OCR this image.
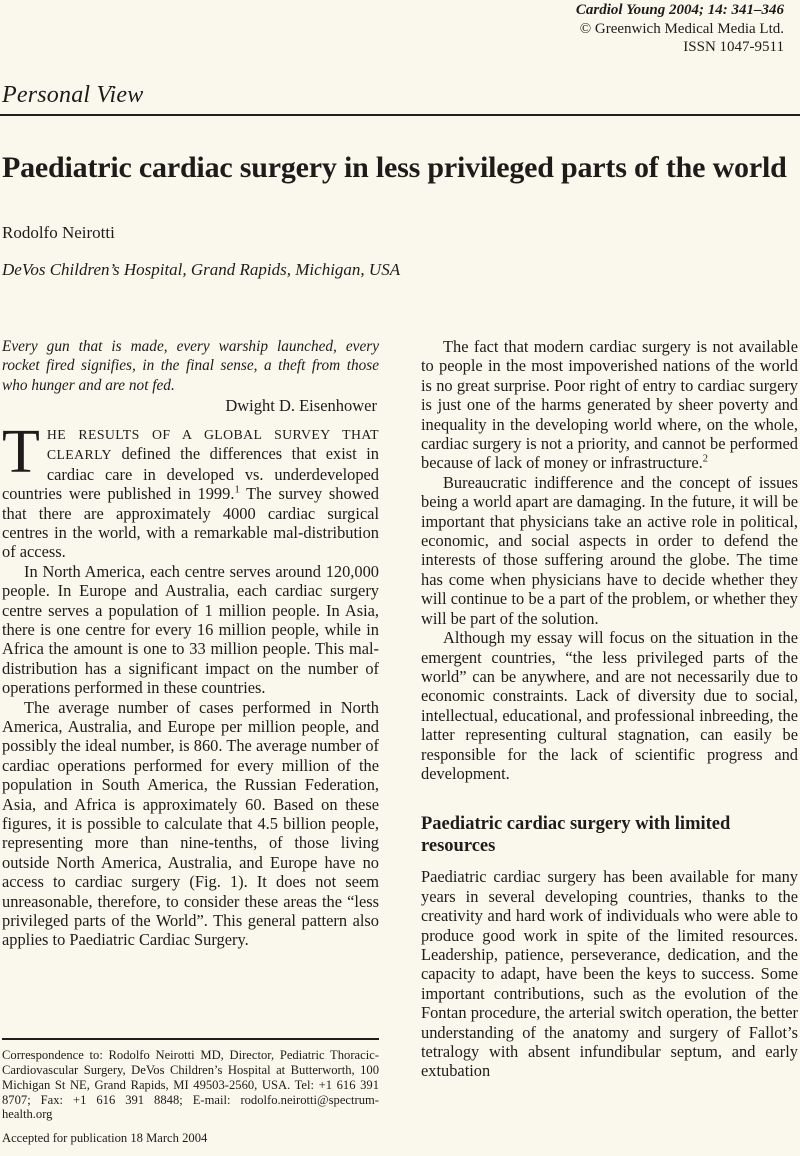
Cardiol Young 2004; 14: 341–346
© Greenwich Medical Media Ltd.
ISSN 1047-9511
Personal View
Paediatric cardiac surgery in less privileged parts of the world
Rodolfo Neirotti
DeVos Children’s Hospital, Grand Rapids, Michigan, USA

Every gun that is made, every warship launched, every rocket fired signifies, in the final sense, a theft from those who hunger and are not fed.

Dwight D. Eisenhower

THE RESULTS OF A GLOBAL SURVEY THAT CLEARLY defined the differences that exist in cardiac care in developed vs. underdeveloped countries were published in 1999.$^1$ The survey showed that there are approximately 4000 cardiac surgical centres in the world, with a remarkable mal-distribution of access.

In North America, each centre serves around 120,000 people. In Europe and Australia, each cardiac surgery centre serves a population of 1 million people. In Asia, there is one centre for every 16 million people, while in Africa the amount is one to 33 million people. This mal-distribution has a significant impact on the number of operations performed in these countries.

The average number of cases performed in North America, Australia, and Europe per million people, and possibly the ideal number, is 860. The average number of cardiac operations performed for every million of the population in South America, the Russian Federation, Asia, and Africa is approximately 60. Based on these figures, it is possible to calculate that 4.5 billion people, representing more than nine-tenths, of those living outside North America, Australia, and Europe have no access to cardiac surgery (Fig. 1). It does not seem unreasonable, therefore, to consider these areas the “less privileged parts of the World”. This general pattern also applies to Paediatric Cardiac Surgery.

Correspondence to: Rodolfo Neirotti MD, Director, Pediatric Thoracic-Cardiovascular Surgery, DeVos Children’s Hospital at Butterworth, 100 Michigan St NE, Grand Rapids, MI 49503-2560, USA. Tel: +1 616 391 8707; Fax: +1 616 391 8848; E-mail: rodolfo.neirotti@spectrum-health.org

Accepted for publication 18 March 2004

The fact that modern cardiac surgery is not available to people in the most impoverished nations of the world is no great surprise. Poor right of entry to cardiac surgery is just one of the harms generated by sheer poverty and inequality in the developing world where, on the whole, cardiac surgery is not a priority, and cannot be performed because of lack of money or infrastructure.$^2$

Bureaucratic indifference and the concept of issues being a world apart are damaging. In the future, it will be important that physicians take an active role in political, economic, and social aspects in order to defend the interests of those suffering around the globe. The time has come when physicians have to decide whether they will continue to be a part of the problem, or whether they will be part of the solution.

Although my essay will focus on the situation in the emergent countries, “the less privileged parts of the world” can be anywhere, and are not necessarily due to economic constraints. Lack of diversity due to social, intellectual, educational, and professional inbreeding, the latter representing cultural stagnation, can easily be responsible for the lack of scientific progress and development.

Paediatric cardiac surgery with limited resources

Paediatric cardiac surgery has been available for many years in several developing countries, thanks to the creativity and hard work of individuals who were able to produce good work in spite of the limited resources. Leadership, patience, perseverance, dedication, and the capacity to adapt, have been the keys to success. Some important contributions, such as the evolution of the Fontan procedure, the arterial switch operation, the better understanding of the anatomy and surgery of Fallot’s tetralogy with absent infundibular septum, and early extubation
